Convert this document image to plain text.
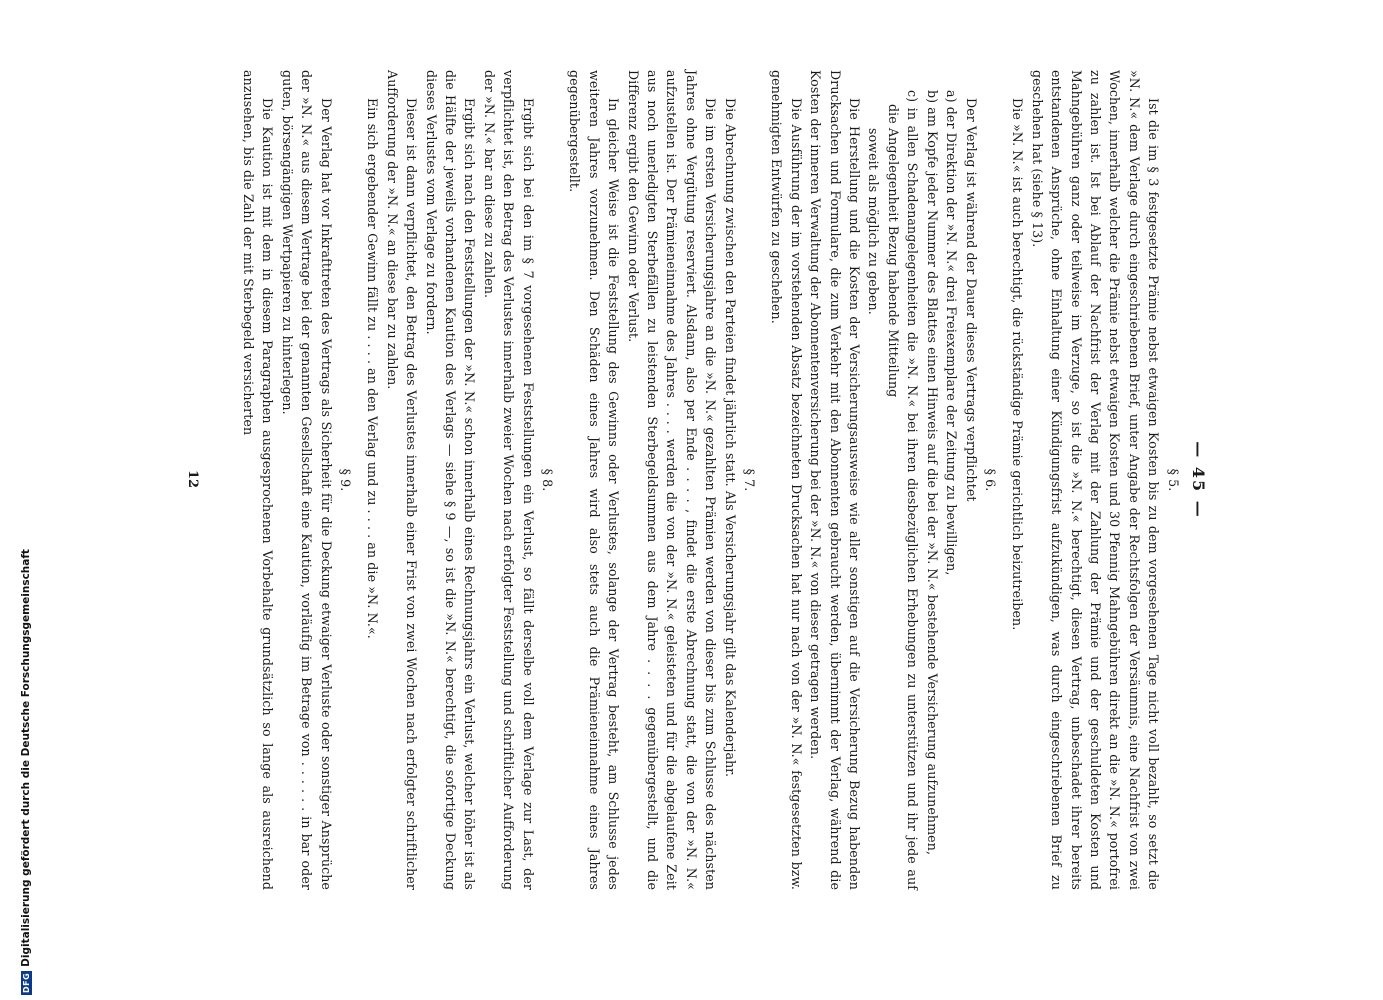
— 45 —
§ 5.

Ist die im § 3 festgesetzte Prämie nebst etwaigen Kosten bis zu dem vorgesehenen Tage nicht voll bezahlt, so setzt die »N. N.« dem Verlage durch eingeschriebenen Brief, unter Angabe der Rechtsfolgen der Versäumnis, eine Nachfrist von zwei Wochen, innerhalb welcher die Prämie nebst etwaigen Kosten und 30 Pfennig Mahngebühren direkt an die »N. N.« portofrei zu zahlen ist. Ist bei Ablauf der Nachfrist der Verlag mit der Zahlung der Prämie und der geschuldeten Kosten und Mahngebühren ganz oder teilweise im Verzuge, so ist die »N. N.« berechtigt, diesen Vertrag, unbeschadet ihrer bereits entstandenen Ansprüche, ohne Einhaltung einer Kündigungsfrist aufzukündigen, was durch eingeschriebenen Brief zu geschehen hat (siehe § 13).

Die »N. N.« ist auch berechtigt, die rückständige Prämie gerichtlich beizutreiben.

§ 6.

Der Verlag ist während der Dauer dieses Vertrags verpflichtet

a) der Direktion der »N. N.« drei Freiexemplare der Zeitung zu bewilligen,

b) am Kopfe jeder Nummer des Blattes einen Hinweis auf die bei der »N. N.« bestehende Versicherung aufzunehmen,

c) in allen Schadenangelegenheiten die »N. N.« bei ihren diesbezüglichen Erhebungen zu unterstützen und ihr jede auf die Angelegenheit Bezug habende Mitteilung

soweit als möglich zu geben.

Die Herstellung und die Kosten der Versicherungsausweise wie aller sonstigen auf die Versicherung Bezug habenden Drucksachen und Formulare, die zum Verkehr mit den Abonnenten gebraucht werden, übernimmt der Verlag, während die Kosten der inneren Verwaltung der Abonnentenversicherung bei der »N. N.« von dieser getragen werden.

Die Ausführung der im vorstehenden Absatz bezeichneten Drucksachen hat nur nach von der »N. N.« festgesetzten bzw. genehmigten Entwürfen zu geschehen.

§ 7.

Die Abrechnung zwischen den Parteien findet jährlich statt. Als Versicherungsjahr gilt das Kalenderjahr.

Die im ersten Versicherungsjahre an die »N. N.« gezahlten Prämien werden von dieser bis zum Schlusse des nächsten Jahres ohne Vergütung reserviert. Alsdann, also per Ende . . . . , findet die erste Abrechnung statt, die von der »N. N.« aufzustellen ist. Der Prämieneinnahme des Jahres . . . . werden die von der »N. N.« geleisteten und für die abgelaufene Zeit aus noch unerledigten Sterbefällen zu leistenden Sterbegeldsummen aus dem Jahre . . . . gegenübergestellt, und die Differenz ergibt den Gewinn oder Verlust.

In gleicher Weise ist die Feststellung des Gewinns oder Verlustes, solange der Vertrag besteht, am Schlusse jedes weiteren Jahres vorzunehmen. Den Schäden eines Jahres wird also stets auch die Prämieneinnahme eines Jahres gegenübergestellt.

§ 8.

Ergibt sich bei den im § 7 vorgesehenen Feststellungen ein Verlust, so fällt derselbe voll dem Verlage zur Last, der verpflichtet ist, den Betrag des Verlustes innerhalb zweier Wochen nach erfolgter Feststellung und schriftlicher Aufforderung der »N. N.« bar an diese zu zahlen.

Ergibt sich nach den Feststellungen der »N. N.« schon innerhalb eines Rechnungsjahrs ein Verlust, welcher höher ist als die Hälfte der jeweils vorhandenen Kaution des Verlags — siehe § 9 —, so ist die »N. N.« berechtigt, die sofortige Deckung dieses Verlustes vom Verlage zu fordern.

Dieser ist dann verpflichtet, den Betrag des Verlustes innerhalb einer Frist von zwei Wochen nach erfolgter schriftlicher Aufforderung der »N. N.« an diese bar zu zahlen.

Ein sich ergebender Gewinn fällt zu . . . . an den Verlag und zu . . . . an die »N. N.«.

§ 9.

Der Verlag hat vor Inkrafttreten des Vertrags als Sicherheit für die Deckung etwaiger Verluste oder sonstiger Ansprüche der »N. N.« aus diesem Vertrage bei der genannten Gesellschaft eine Kaution, vorläufig im Betrage von . . . . . . in bar oder guten, börsengängigen Wertpapieren zu hinterlegen.

Die Kaution ist mit dem in diesem Paragraphen ausgesprochenen Vorbehalte grundsätzlich so lange als ausreichend anzusehen, bis die Zahl der mit Sterbegeld versicherten

12
DFGDigitalisierung gefördert durch die Deutsche Forschungsgemeinschaft
